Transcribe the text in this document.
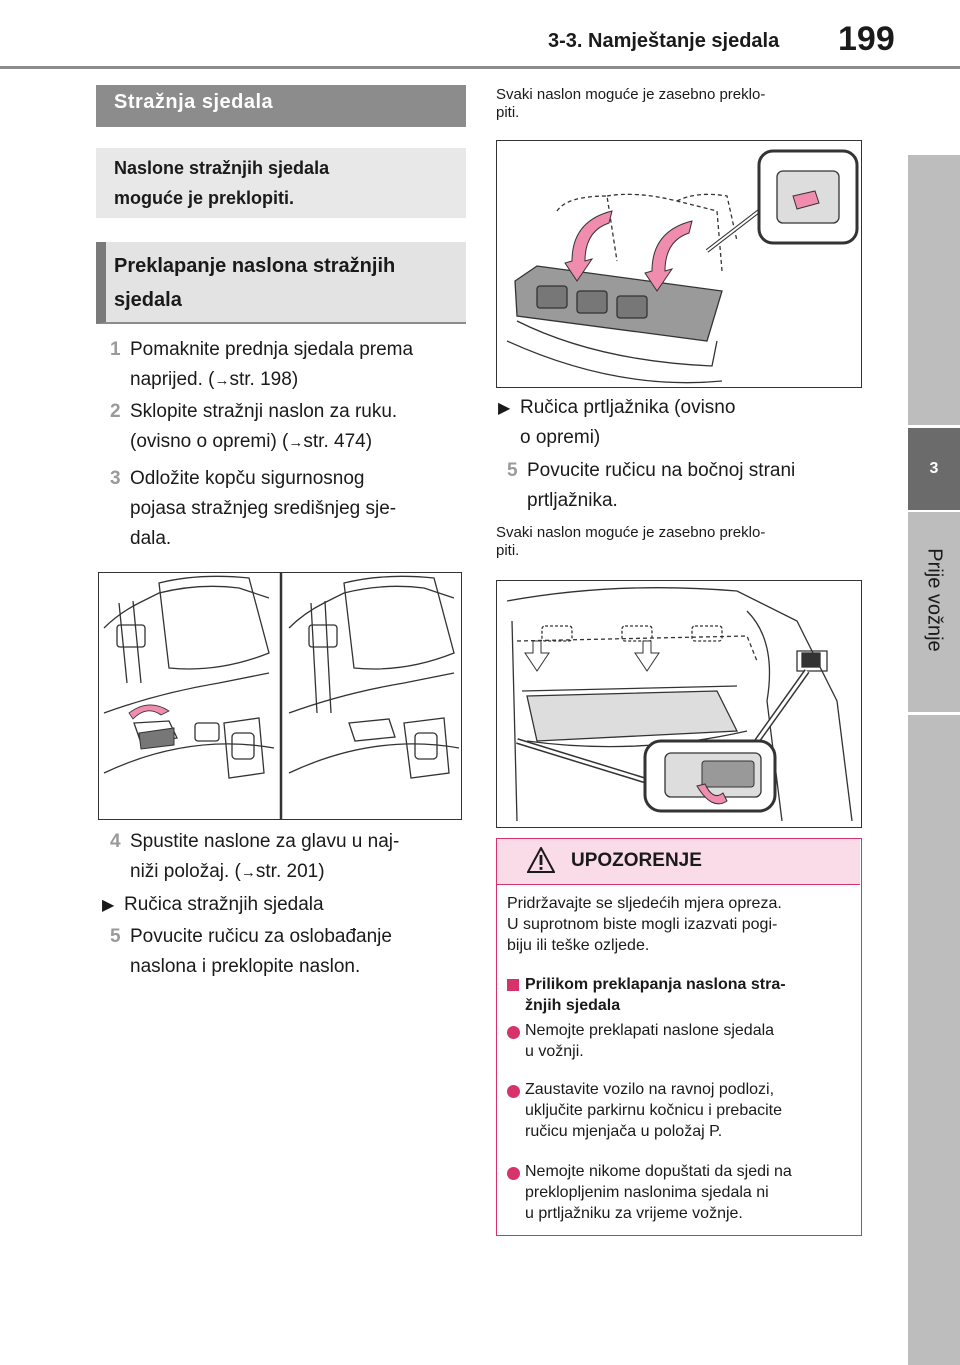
3-3. Namještanje sjedala 199
3
Prije vožnje
Stražnja sjedala
Naslone stražnjih sjedala
moguće je preklopiti.
Preklapanje naslona stražnjih
sjedala
1 Pomaknite prednja sjedala prema
naprijed. (→str. 198)
2 Sklopite stražnji naslon za ruku.
(ovisno o opremi) (→str. 474)
3 Odložite kopču sigurnosnog
pojasa stražnjeg središnjeg sje-
dala.
4 Spustite naslone za glavu u naj-
niži položaj. (→str. 201)
▶ Ručica stražnjih sjedala
5 Povucite ručicu za oslobađanje
naslona i preklopite naslon.
Svaki naslon moguće je zasebno preklo-
piti.
▶ Ručica prtljažnika (ovisno
o opremi)
5 Povucite ručicu na bočnoj strani
prtljažnika.
Svaki naslon moguće je zasebno preklo-
piti.
UPOZORENJE
Pridržavajte se sljedećih mjera opreza.
U suprotnom biste mogli izazvati pogi-
biju ili teške ozljede.
Prilikom preklapanja naslona stra-
žnjih sjedala
Nemojte preklapati naslone sjedala
u vožnji.
Zaustavite vozilo na ravnoj podlozi,
uključite parkirnu kočnicu i prebacite
ručicu mjenjača u položaj P.
Nemojte nikome dopuštati da sjedi na
preklopljenim naslonima sjedala ni
u prtljažniku za vrijeme vožnje.
